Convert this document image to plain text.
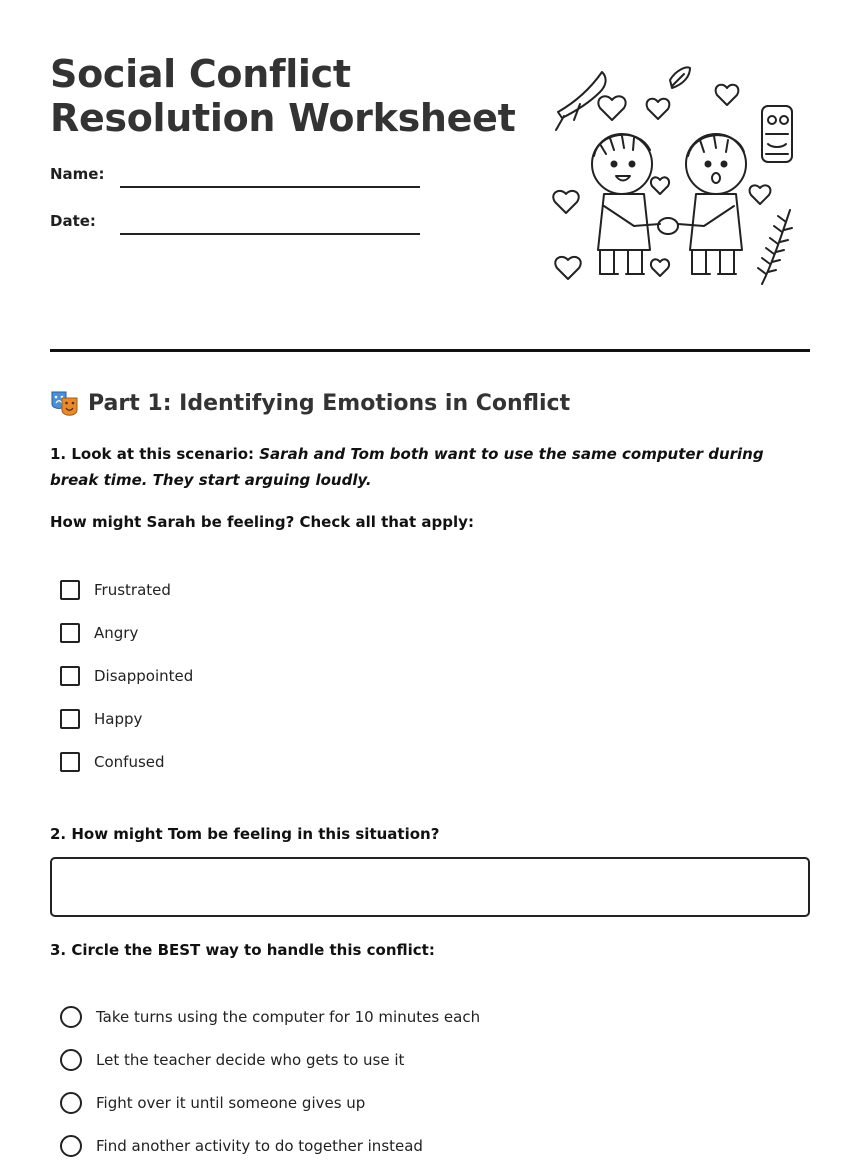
Social Conflict
Resolution Worksheet
Name:
Date:
Part 1: Identifying Emotions in Conflict
1. Look at this scenario: Sarah and Tom both want to use the same computer during break time. They start arguing loudly.
How might Sarah be feeling? Check all that apply:
Frustrated
Angry
Disappointed
Happy
Confused
2. How might Tom be feeling in this situation?
3. Circle the BEST way to handle this conflict:
Take turns using the computer for 10 minutes each
Let the teacher decide who gets to use it
Fight over it until someone gives up
Find another activity to do together instead
